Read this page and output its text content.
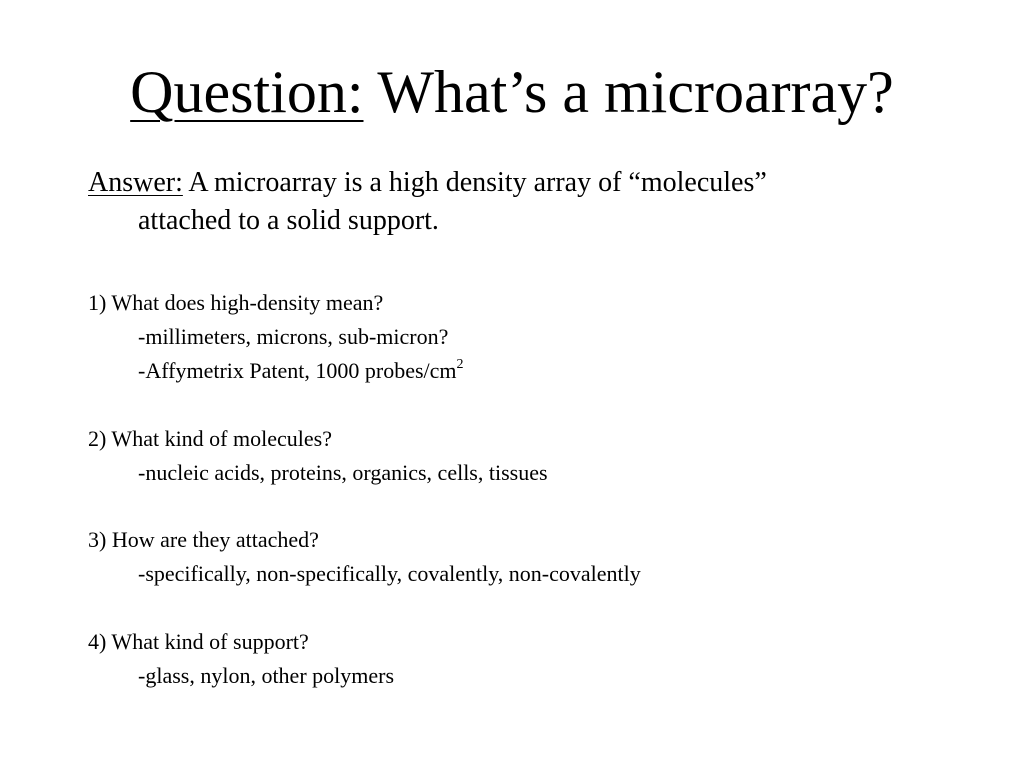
Question: What’s a microarray?
Answer: A microarray is a high density array of “molecules”
attached to a solid support.
1) What does high-density mean?
-millimeters, microns, sub-micron?
-Affymetrix Patent, 1000 probes/$cm^2$
2) What kind of molecules?
-nucleic acids, proteins, organics, cells, tissues
3) How are they attached?
-specifically, non-specifically, covalently, non-covalently
4) What kind of support?
-glass, nylon, other polymers
